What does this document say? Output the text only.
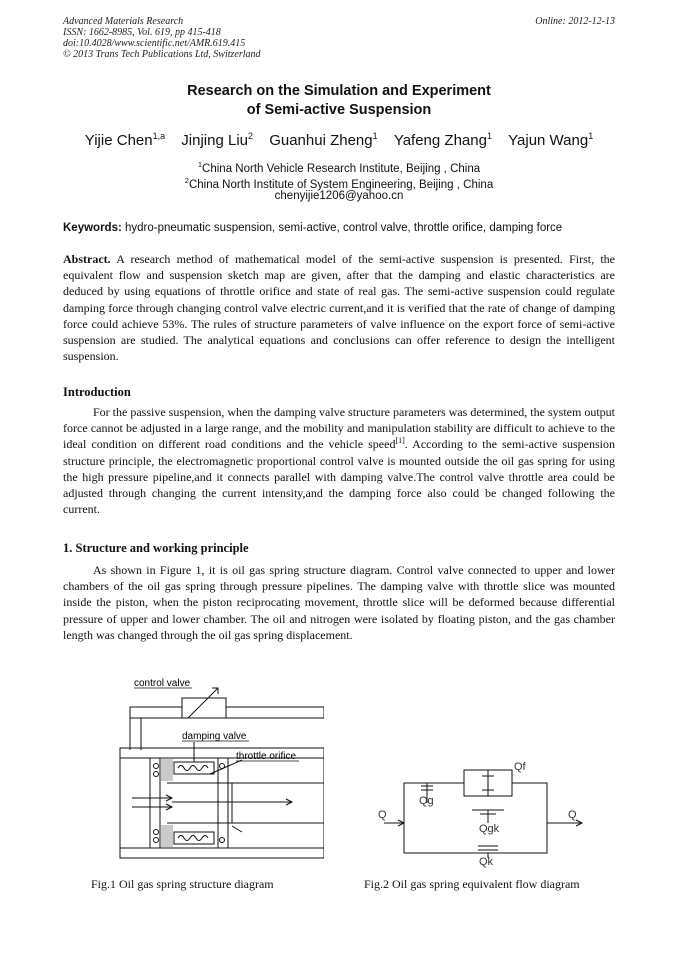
Advanced Materials Research
ISSN: 1662-8985, Vol. 619, pp 415-418
doi:10.4028/www.scientific.net/AMR.619.415
© 2013 Trans Tech Publications Ltd, Switzerland
Online: 2012-12-13
Research on the Simulation and Experiment
of Semi-active Suspension
Yijie Chen$^{1,a}$ Jinjing Liu$^2$ Guanhui Zheng$^1$ Yafeng Zhang$^1$ Yajun Wang$^1$
$^1$China North Vehicle Research Institute, Beijing , China
$^2$China North Institute of System Engineering, Beijing , China
chenyijie1206@yahoo.cn
Keywords: hydro-pneumatic suspension, semi-active, control valve, throttle orifice, damping force
Abstract. A research method of mathematical model of the semi-active suspension is presented. First, the equivalent flow and suspension sketch map are given, after that the damping and elastic characteristics are deduced by using equations of throttle orifice and state of real gas. The semi-active suspension could regulate damping force through changing control valve electric current,and it is verified that the rate of change of damping force could achieve 53%. The rules of structure parameters of valve influence on the export force of semi-active suspension are studied. The analytical equations and conclusions can offer reference to design the intelligent suspension.
Introduction
For the passive suspension, when the damping valve structure parameters was determined, the system output force cannot be adjusted in a large range, and the mobility and manipulation stability are difficult to achieve to the ideal condition on different road conditions and the vehicle speed[1]. According to the semi-active suspension structure principle, the electromagnetic proportional control valve is mounted outside the oil gas spring for using the high pressure pipeline,and it connects parallel with damping valve.The control valve throttle area could be adjusted through changing the current intensity,and the damping force also could be changed following the current.
1. Structure and working principle
As shown in Figure 1, it is oil gas spring structure diagram. Control valve connected to upper and lower chambers of the oil gas spring through pressure pipelines. The damping valve with throttle slice was mounted inside the piston, when the piston reciprocating movement, throttle slice will be deformed because differential pressure of upper and lower chamber. The oil and nitrogen were isolated by floating piston, and the gas chamber length was changed through the oil gas spring displacement.
control valve
damping valve
throttle orifice
Qf
Qg
Qgk
Qk
Q	Q
Fig.1 Oil gas spring structure diagram	Fig.2 Oil gas spring equivalent flow diagram
